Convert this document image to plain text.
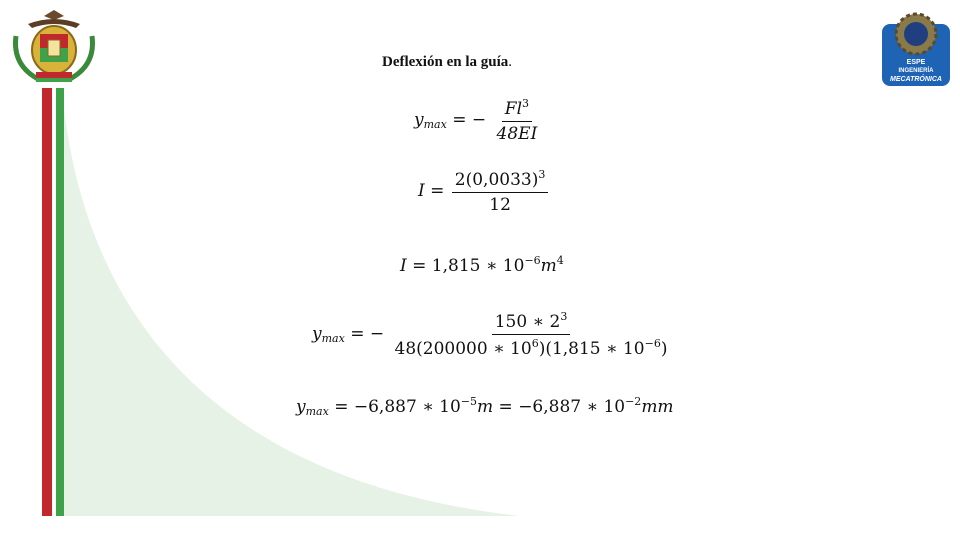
ESPE
INGENIERÍA
MECATRÓNICA
Deflexión en la guía.
$y_{max}$ = − $\frac{Fl^3}{48EI}$
$I = \frac{2(0,0033)^3}{12}$
I = 1,815 ∗ $10^{-6}m^4$
$y_{max}$ = − $\frac{150 ∗ 2^3}{48(200000 ∗ 10^6)(1,815 ∗ 10^{-6})}$
$y_{max} = -6,887$ ∗ $10^{-5}m = -6,887$ ∗ $10^{-2}mm$
